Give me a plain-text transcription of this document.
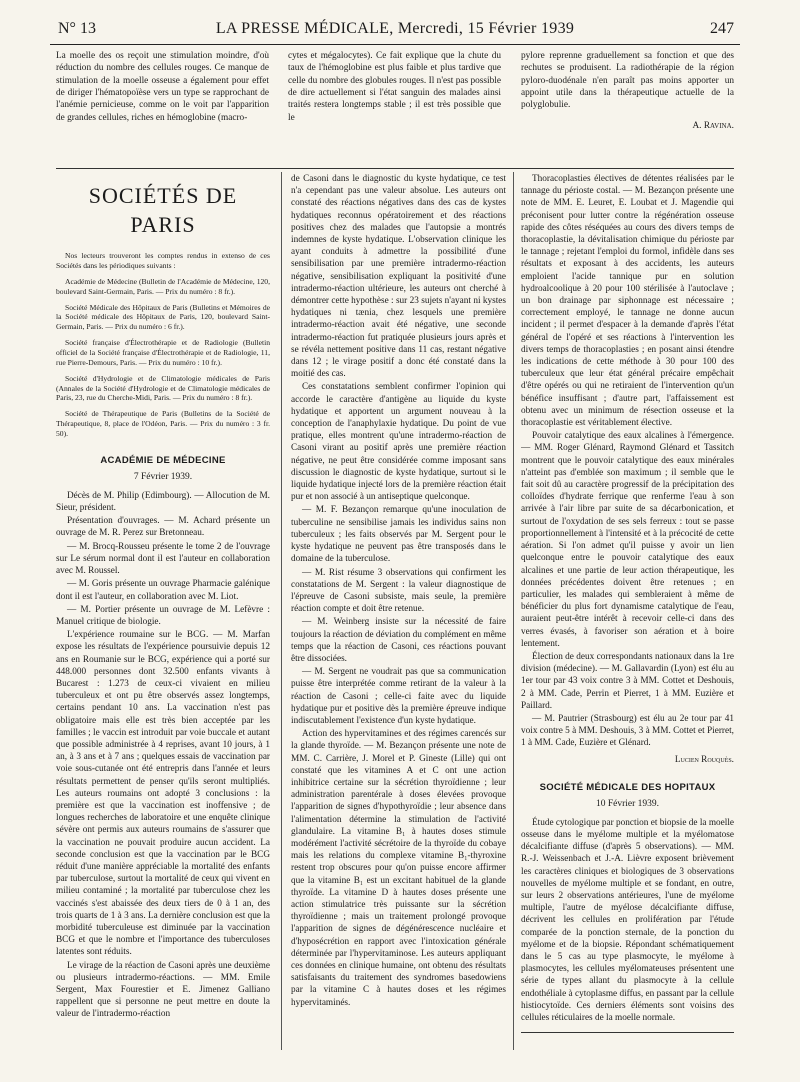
N° 13	LA PRESSE MÉDICALE, Mercredi, 15 Février 1939	247

La moelle des os reçoit une stimulation moindre, d'où réduction du nombre des cellules rouges. Ce manque de stimulation de la moelle osseuse a également pour effet de diriger l'hématopoïèse vers un type se rapprochant de l'anémie pernicieuse, comme on le voit par l'apparition de grandes cellules, riches en hémoglobine (macro-

cytes et mégalocytes). Ce fait explique que la chute du taux de l'hémoglobine est plus faible et plus tardive que celle du nombre des globules rouges. Il n'est pas possible de dire actuellement si l'état sanguin des malades ainsi traités restera longtemps stable ; il est très possible que le

pylore reprenne graduellement sa fonction et que des rechutes se produisent. La radiothérapie de la région pyloro-duodénale n'en paraît pas moins apporter un appoint utile dans la thérapeutique actuelle de la polyglobulie.

A. Ravina.

SOCIÉTÉS DE PARIS

Nos lecteurs trouveront les comptes rendus in extenso de ces Sociétés dans les périodiques suivants :

Académie de Médecine (Bulletin de l'Académie de Médecine, 120, boulevard Saint-Germain, Paris. — Prix du numéro : 8 fr.).

Société Médicale des Hôpitaux de Paris (Bulletins et Mémoires de la Société médicale des Hôpitaux de Paris, 120, boulevard Saint-Germain, Paris. — Prix du numéro : 6 fr.).

Société française d'Électrothérapie et de Radiologie (Bulletin officiel de la Société française d'Électrothérapie et de Radiologie, 11, rue Pierre-Demours, Paris. — Prix du numéro : 10 fr.).

Société d'Hydrologie et de Climatologie médicales de Paris (Annales de la Société d'Hydrologie et de Climatologie médicales de Paris, 23, rue du Cherche-Midi, Paris. — Prix du numéro : 8 fr.).

Société de Thérapeutique de Paris (Bulletins de la Société de Thérapeutique, 8, place de l'Odéon, Paris. — Prix du numéro : 3 fr. 50).

ACADÉMIE DE MÉDECINE
7 Février 1939.

Décès de M. Philip (Edimbourg). — Allocution de M. Sieur, président.

Présentation d'ouvrages. — M. Achard présente un ouvrage de M. R. Perez sur Bretonneau.

— M. Brocq-Rousseu présente le tome 2 de l'ouvrage sur Le sérum normal dont il est l'auteur en collaboration avec M. Roussel.

— M. Goris présente un ouvrage Pharmacie galénique dont il est l'auteur, en collaboration avec M. Liot.

— M. Portier présente un ouvrage de M. Lefèvre : Manuel critique de biologie.

L'expérience roumaine sur le BCG. — M. Marfan expose les résultats de l'expérience poursuivie depuis 12 ans en Roumanie sur le BCG, expérience qui a porté sur 448.000 personnes dont 32.500 enfants vivants à Bucarest : 1.273 de ceux-ci vivaient en milieu tuberculeux et ont pu être observés assez longtemps, certains pendant 10 ans. La vaccination n'est pas obligatoire mais elle est très bien acceptée par les familles ; le vaccin est introduit par voie buccale et autant que possible administrée à 4 reprises, avant 10 jours, à 1 an, à 3 ans et à 7 ans ; quelques essais de vaccination par voie sous-cutanée ont été entrepris dans l'année et leurs résultats permettent de penser qu'ils seront multipliés. Les auteurs roumains ont adopté 3 conclusions : la première est que la vaccination est inoffensive ; de longues recherches de laboratoire et une enquête clinique sévère ont permis aux auteurs roumains de s'assurer que la vaccination ne pouvait produire aucun accident. La seconde conclusion est que la vaccination par le BCG réduit d'une manière appréciable la mortalité des enfants par tuberculose, surtout la mortalité de ceux qui vivent en milieu contaminé ; la mortalité par tuberculose chez les vaccinés s'est abaissée des deux tiers de 0 à 1 an, des trois quarts de 1 à 3 ans. La dernière conclusion est que la morbidité tuberculeuse est diminuée par la vaccination BCG et que le nombre et l'importance des tuberculoses latentes sont réduits.

Le virage de la réaction de Casoni après une deuxième ou plusieurs intradermo-réactions. — MM. Emile Sergent, Max Fourestier et E. Jimenez Galliano rappellent que si personne ne peut mettre en doute la valeur de l'intradermo-réaction

de Casoni dans le diagnostic du kyste hydatique, ce test n'a cependant pas une valeur absolue. Les auteurs ont constaté des réactions négatives dans des cas de kystes hydatiques reconnus opératoirement et des réactions positives chez des malades que l'autopsie a montrés indemnes de kyste hydatique. L'observation clinique les ayant conduits à admettre la possibilité d'une sensibilisation par une première intradermo-réaction négative, sensibilisation expliquant la positivité d'une intradermo-réaction ultérieure, les auteurs ont cherché à démontrer cette hypothèse : sur 23 sujets n'ayant ni kystes hydatiques ni tænia, chez lesquels une première intradermo-réaction avait été négative, une seconde intradermo-réaction fut pratiquée plusieurs jours après et se révéla nettement positive dans 11 cas, restant négative dans 12 ; le virage positif a donc été constaté dans la moitié des cas.

Ces constatations semblent confirmer l'opinion qui accorde le caractère d'antigène au liquide du kyste hydatique et apportent un argument nouveau à la conception de l'anaphylaxie hydatique. Du point de vue pratique, elles montrent qu'une intradermo-réaction de Casoni virant au positif après une première réaction négative, ne peut être considérée comme imposant sans discussion le diagnostic de kyste hydatique, surtout si le liquide hydatique injecté lors de la première réaction était pur et non associé à un antiseptique quelconque.

— M. F. Bezançon remarque qu'une inoculation de tuberculine ne sensibilise jamais les individus sains non tuberculeux ; les faits observés par M. Sergent pour le kyste hydatique ne peuvent pas être transposés dans le domaine de la tuberculose.

— M. Rist résume 3 observations qui confirment les constatations de M. Sergent : la valeur diagnostique de l'épreuve de Casoni subsiste, mais seule, la première réaction compte et doit être retenue.

— M. Weinberg insiste sur la nécessité de faire toujours la réaction de déviation du complément en même temps que la réaction de Casoni, ces réactions pouvant être dissociées.

— M. Sergent ne voudrait pas que sa communication puisse être interprétée comme retirant de la valeur à la réaction de Casoni ; celle-ci faite avec du liquide hydatique pur et positive dès la première épreuve indique indiscutablement l'existence d'un kyste hydatique.

Action des hypervitamines et des régimes carencés sur la glande thyroïde. — M. Bezançon présente une note de MM. C. Carrière, J. Morel et P. Gineste (Lille) qui ont constaté que les vitamines A et C ont une action inhibitrice certaine sur la sécrétion thyroïdienne ; leur administration parentérale à doses élevées provoque l'apparition de signes d'hypothyroïdie ; leur absence dans l'alimentation détermine la stimulation de l'activité glandulaire. La vitamine B₁ à hautes doses stimule modérément l'activité sécrétoire de la thyroïde du cobaye mais les relations du complexe vitamine B₁-thyroxine restent trop obscures pour qu'on puisse encore affirmer que la vitamine B₁ est un excitant habituel de la glande thyroïde. La vitamine D à hautes doses présente une action stimulatrice très puissante sur la sécrétion thyroïdienne ; mais un traitement prolongé provoque l'apparition de signes de dégénérescence nucléaire et d'hyposécrétion en rapport avec l'intoxication générale déterminée par l'hypervitaminose. Les auteurs appliquant ces données en clinique humaine, ont obtenu des résultats satisfaisants du traitement des syndromes basedowiens par la vitamine C à hautes doses et les régimes hypervitaminés.

Thoracoplasties électives de détentes réalisées par le tannage du périoste costal. — M. Bezançon présente une note de MM. E. Leuret, E. Loubat et J. Magendie qui préconisent pour lutter contre la régénération osseuse rapide des côtes réséquées au cours des divers temps de thoracoplastie, la dévitalisation chimique du périoste par le tannage ; rejetant l'emploi du formol, infidèle dans ses résultats et exposant à des accidents, les auteurs emploient l'acide tannique pur en solution hydroalcoolique à 20 pour 100 stérilisée à l'autoclave ; un bon drainage par siphonnage est nécessaire ; correctement employé, le tannage ne donne aucun incident ; il permet d'espacer à la demande d'après l'état général de l'opéré et ses réactions à l'intervention les divers temps de thoracoplasties ; en posant ainsi étendre les indications de cette méthode à 30 pour 100 des tuberculeux que leur état général précaire empêchait d'être opérés ou qui ne retiraient de l'intervention qu'un bénéfice insuffisant ; d'autre part, l'affaissement est obtenu avec un minimum de résection osseuse et la thoracoplastie est véritablement élective.

Pouvoir catalytique des eaux alcalines à l'émergence. — MM. Roger Glénard, Raymond Glénard et Tassitch montrent que le pouvoir catalytique des eaux minérales n'atteint pas d'emblée son maximum ; il semble que le fait soit dû au caractère progressif de la précipitation des colloïdes d'hydrate ferrique que renferme l'eau à son arrivée à l'air libre par suite de sa décarbonication, et surtout de l'oxydation de ses sels ferreux : tout se passe proportionnellement à l'intensité et à la précocité de cette aération. Si l'on admet qu'il puisse y avoir un lien quelconque entre le pouvoir catalytique des eaux alcalines et une partie de leur action thérapeutique, les données précédentes doivent être retenues ; en particulier, les malades qui sembleraient à même de bénéficier du plus fort dynamisme catalytique de l'eau, auraient peut-être intérêt à recevoir celle-ci dans des verres évasés, à favoriser son aération et à boire lentement.

Élection de deux correspondants nationaux dans la 1re division (médecine). — M. Gallavardin (Lyon) est élu au 1er tour par 43 voix contre 3 à MM. Cottet et Deshouis, 2 à MM. Cade, Perrin et Pierret, 1 à MM. Euzière et Paillard.

— M. Pautrier (Strasbourg) est élu au 2e tour par 41 voix contre 5 à MM. Deshouis, 3 à MM. Cottet et Pierret, 1 à MM. Cade, Euzière et Glénard.

Lucien Rouquès.
SOCIÉTÉ MÉDICALE DES HOPITAUX
10 Février 1939.

Étude cytologique par ponction et biopsie de la moelle osseuse dans le myélome multiple et la myélomatose décalcifiante diffuse (d'après 5 observations). — MM. R.-J. Weissenbach et J.-A. Lièvre exposent brièvement les caractères cliniques et biologiques de 3 observations nouvelles de myélome multiple et se fondant, en outre, sur leurs 2 observations antérieures, l'une de myélome multiple, l'autre de myélose décalcifiante diffuse, décrivent les cellules en prolifération par l'étude comparée de la ponction sternale, de la ponction du myélome et de la biopsie. Répondant schématiquement dans le 5 cas au type plasmocyte, le myélome à plasmocytes, les cellules myélomateuses présentent une série de types allant du plasmocyte à la cellule endothéliale à cytoplasme diffus, en passant par la cellule histiocytoïde. Ces derniers éléments sont voisins des cellules réticulaires de la moelle normale.
